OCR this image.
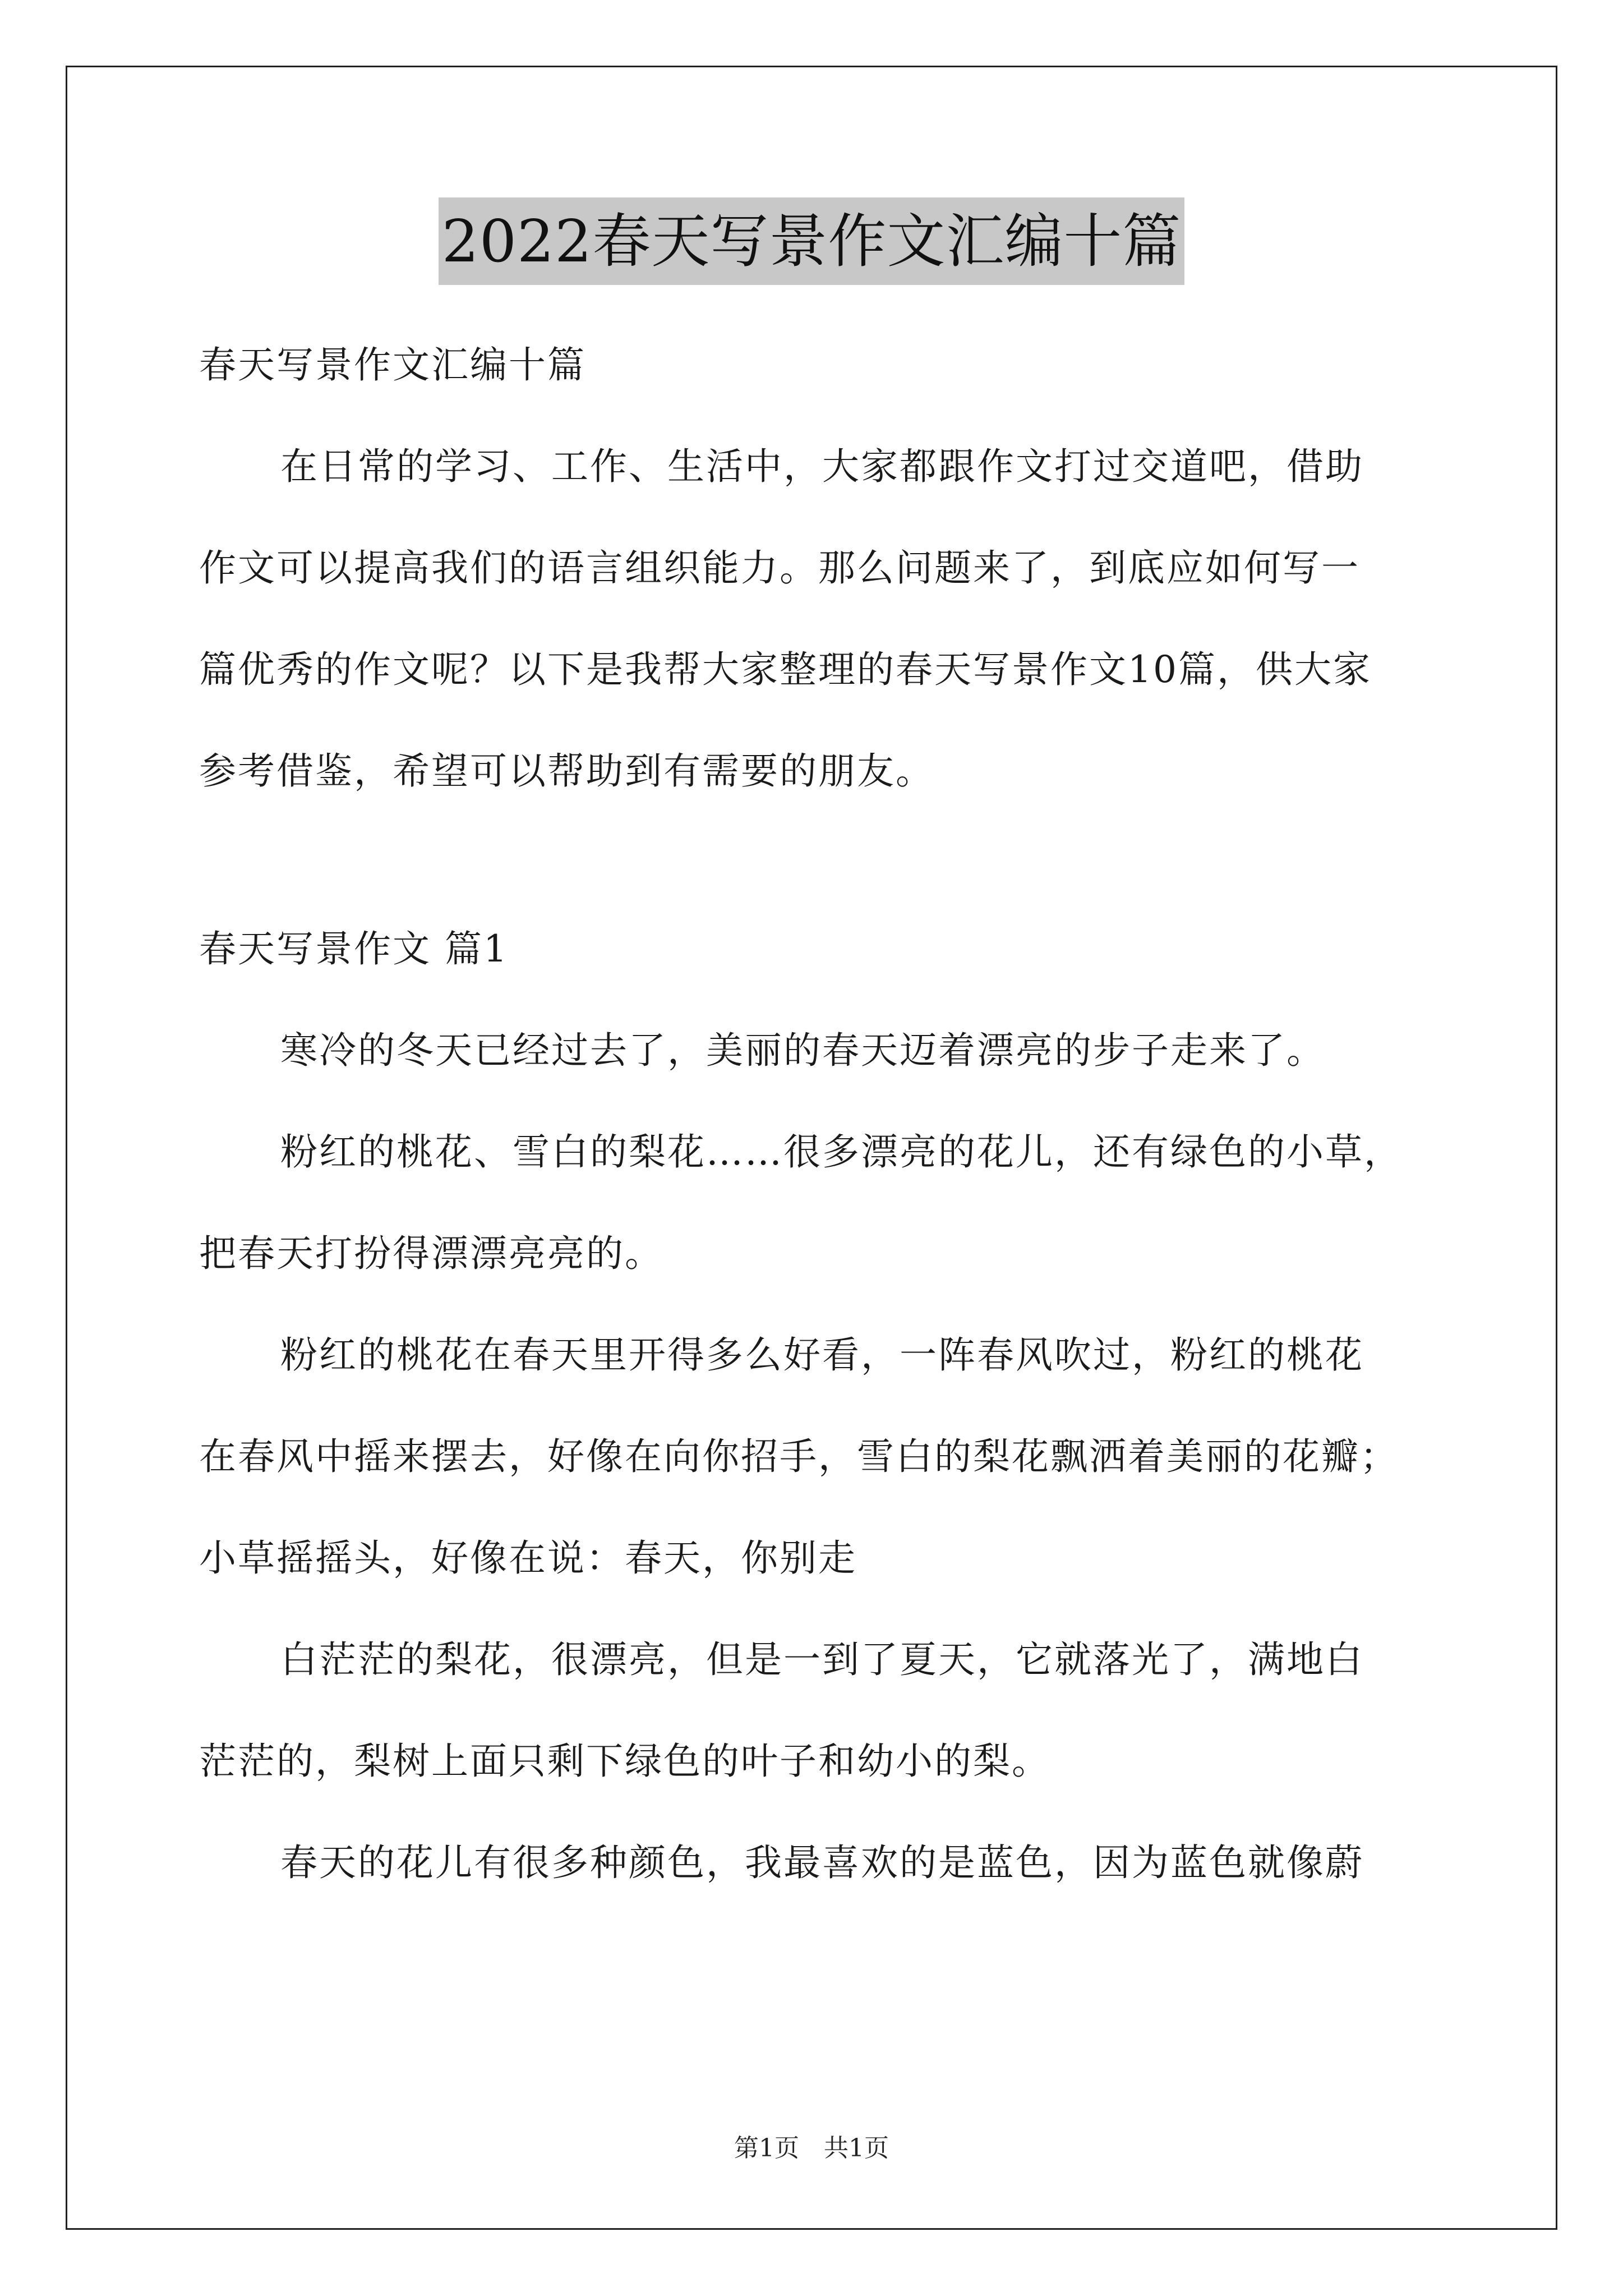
2022春天写景作文汇编十篇
春天写景作文汇编十篇
在日常的学习、工作、生活中，大家都跟作文打过交道吧，借助
作文可以提高我们的语言组织能力。那么问题来了，到底应如何写一
篇优秀的作文呢？以下是我帮大家整理的春天写景作文10篇，供大家
参考借鉴，希望可以帮助到有需要的朋友。
春天写景作文 篇1
寒冷的冬天已经过去了，美丽的春天迈着漂亮的步子走来了。
粉红的桃花、雪白的梨花……很多漂亮的花儿，还有绿色的小草，
把春天打扮得漂漂亮亮的。
粉红的桃花在春天里开得多么好看，一阵春风吹过，粉红的桃花
在春风中摇来摆去，好像在向你招手，雪白的梨花飘洒着美丽的花瓣；
小草摇摇头，好像在说：春天，你别走
白茫茫的梨花，很漂亮，但是一到了夏天，它就落光了，满地白
茫茫的，梨树上面只剩下绿色的叶子和幼小的梨。
春天的花儿有很多种颜色，我最喜欢的是蓝色，因为蓝色就像蔚
第1页　共1页
